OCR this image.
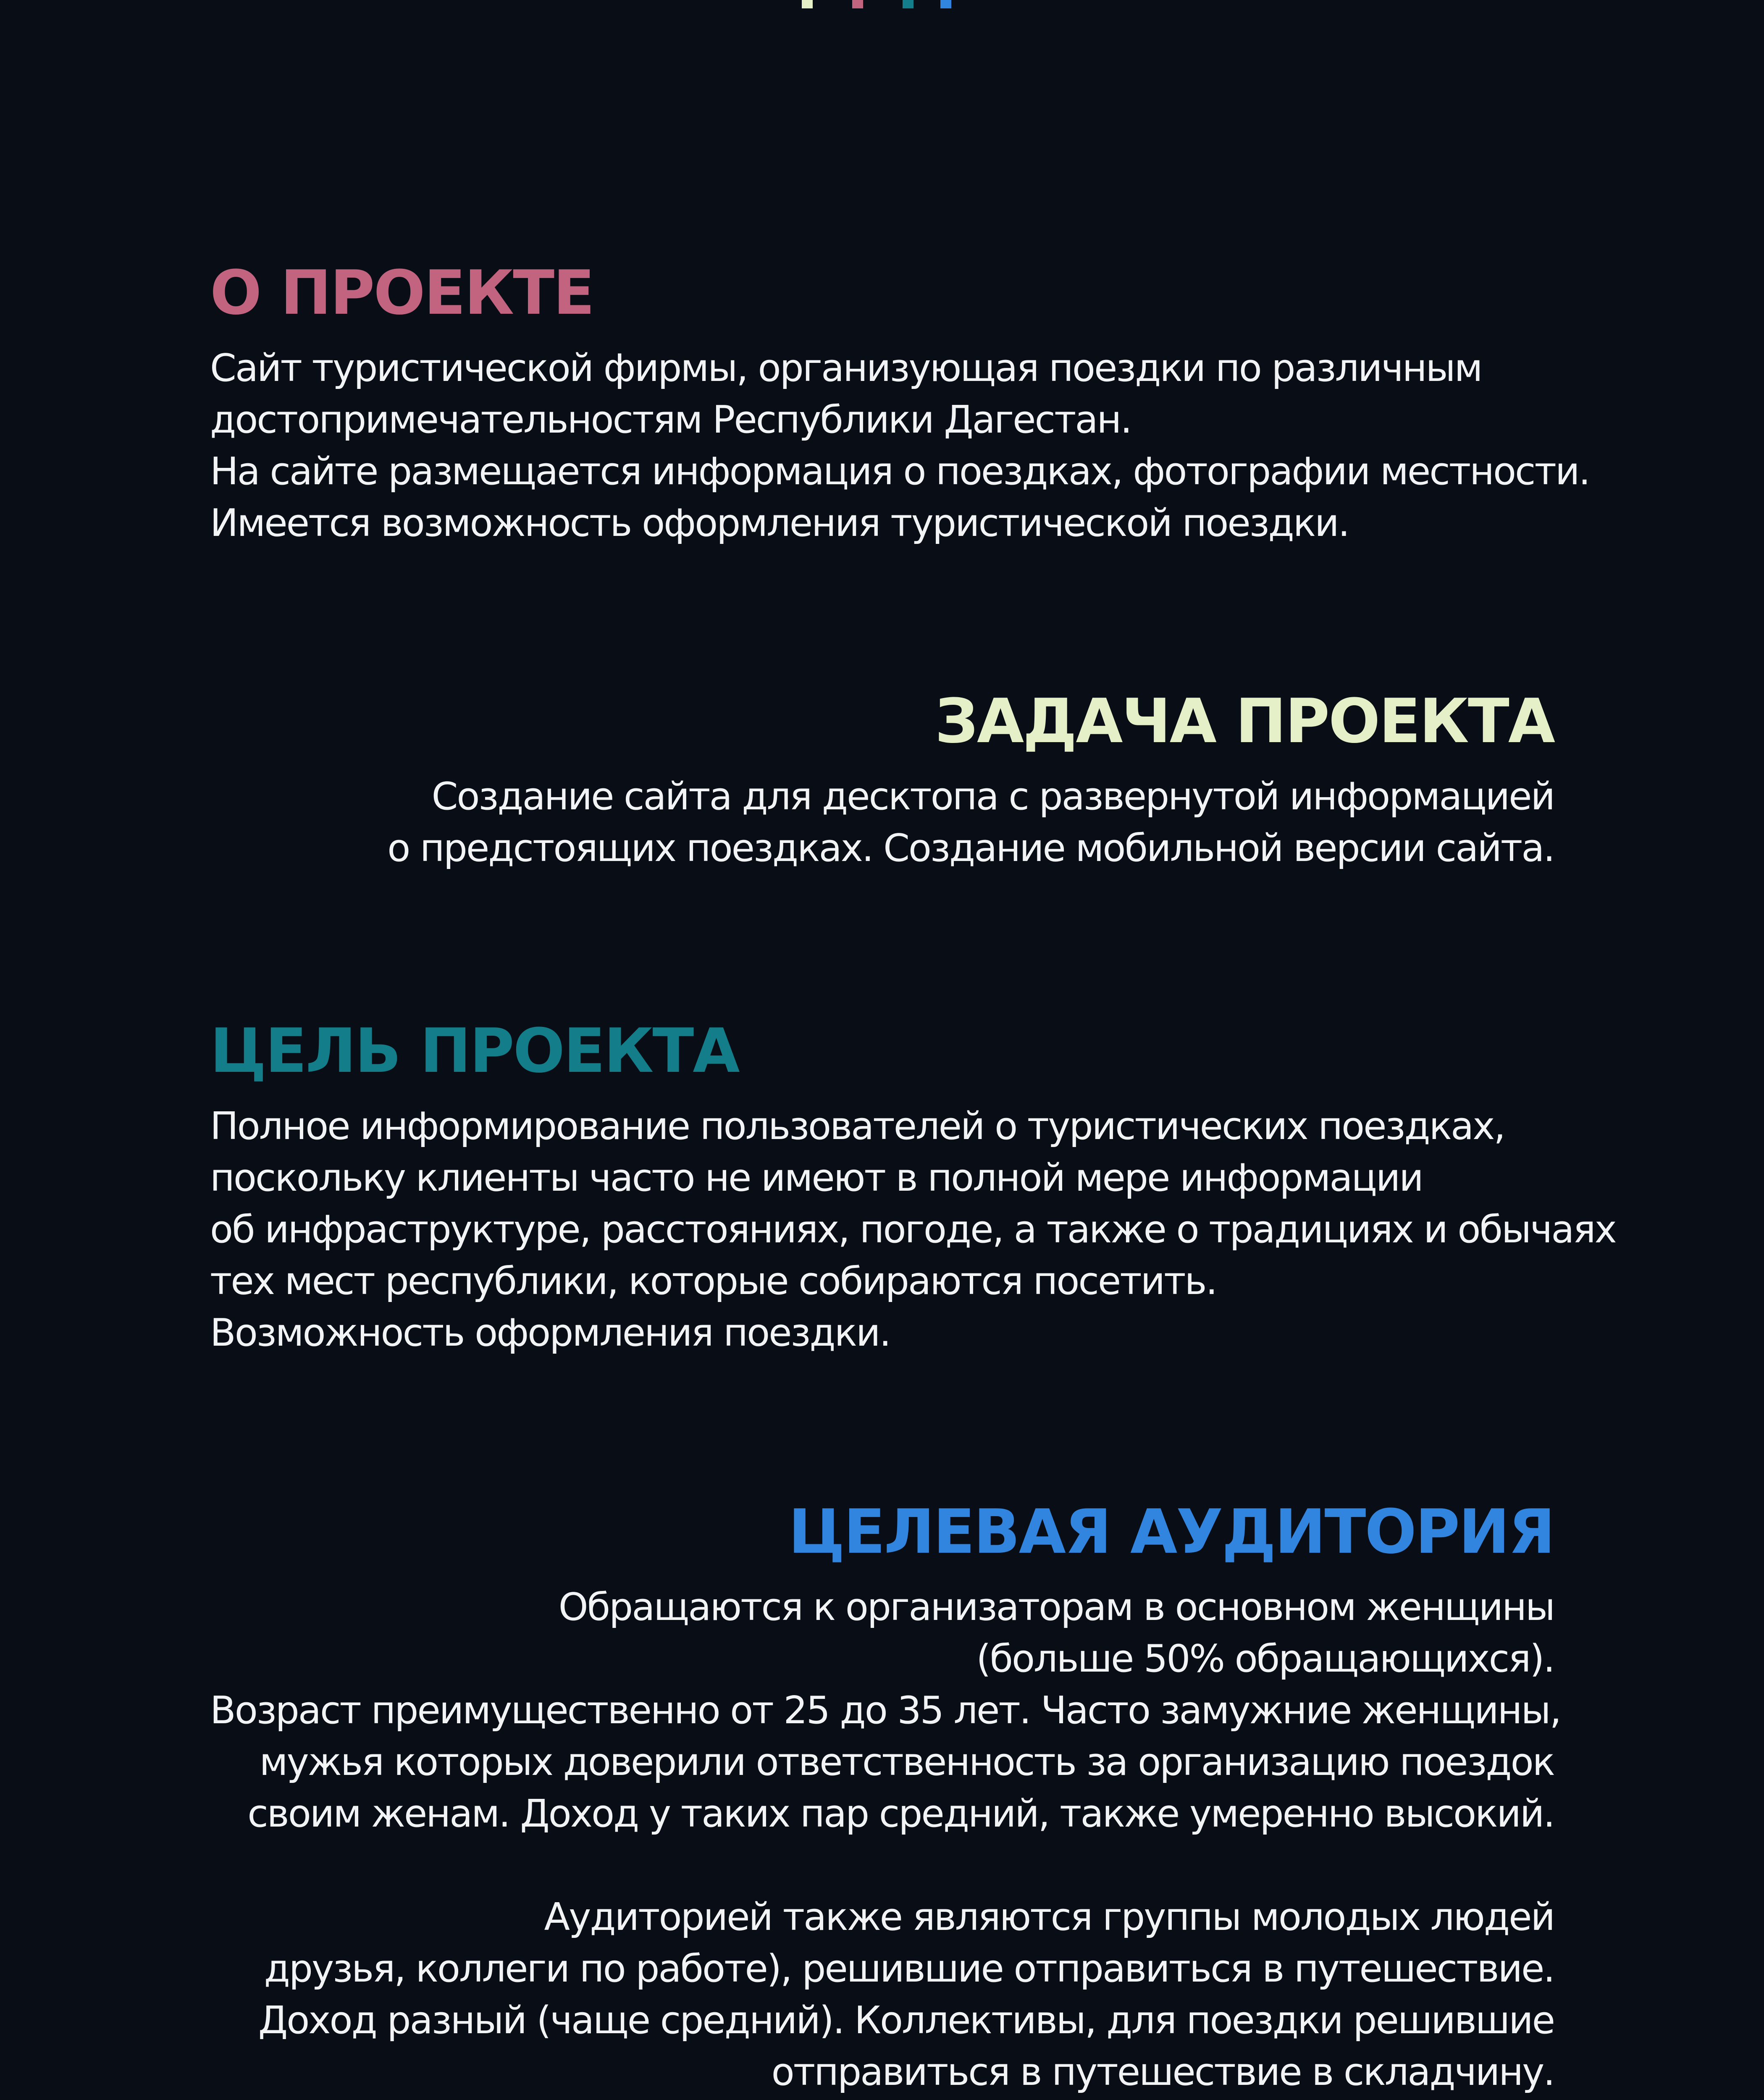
О ПРОЕКТЕ
Сайт туристической фирмы, организующая поездки по различным
достопримечательностям Республики Дагестан.
На сайте размещается информация о поездках, фотографии местности.
Имеется возможность оформления туристической поездки.
ЗАДАЧА ПРОЕКТА
Создание сайта для десктопа с развернутой информацией
о предстоящих поездках. Создание мобильной версии сайта.
ЦЕЛЬ ПРОЕКТА
Полное информирование пользователей о туристических поездках,
поскольку клиенты часто не имеют в полной мере информации
об инфраструктуре, расстояниях, погоде, а также о традициях и обычаях
тех мест республики, которые собираются посетить.
Возможность оформления поездки.
ЦЕЛЕВАЯ АУДИТОРИЯ
Обращаются к организаторам в основном женщины
(больше 50% обращающихся).
Возраст преимущественно от 25 до 35 лет. Часто замужние женщины,
мужья которых доверили ответственность за организацию поездок
своим женам. Доход у таких пар средний, также умеренно высокий.
Аудиторией также являются группы молодых людей
друзья, коллеги по работе), решившие отправиться в путешествие.
Доход разный (чаще средний). Коллективы, для поездки решившие
отправиться в путешествие в складчину.
